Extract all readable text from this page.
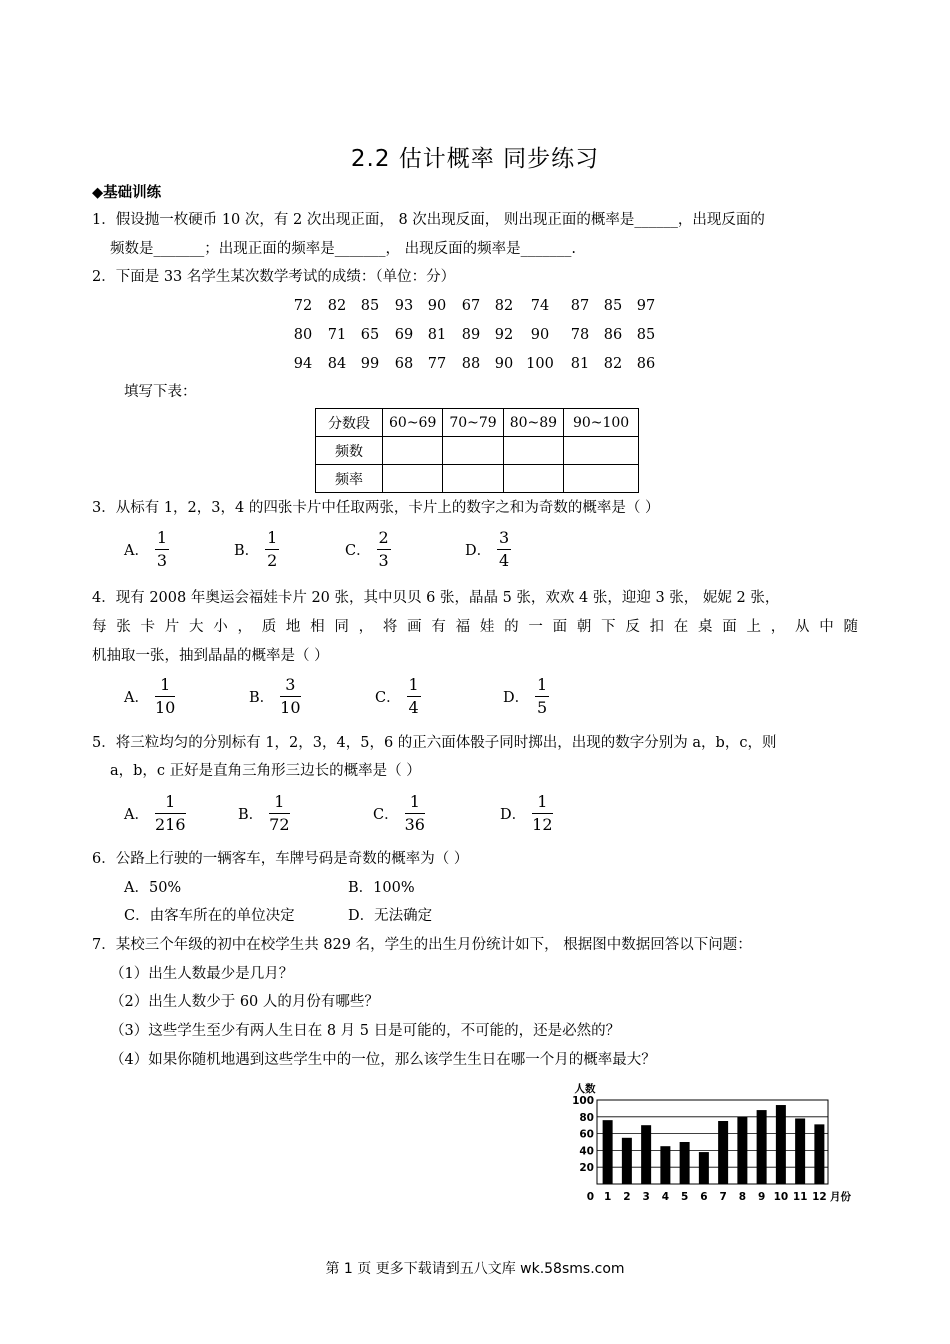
2.2 估计概率 同步练习
◆基础训练
1．假设抛一枚硬币 10 次，有 2 次出现正面， 8 次出现反面， 则出现正面的概率是______，出现反面的
频数是_______；出现正面的频率是_______， 出现反面的频率是_______.
2．下面是 33 名学生某次数学考试的成绩：（单位：分）
72	82	85	93	90	67	82	74	87	85	97
80	71	65	69	81	89	92	90	78	86	85
94	84	99	68	77	88	90 100	81	82	86
填写下表：
分数段	60~69	70~79	80~89	90~100
频数				
频率				
3．从标有 1，2，3，4 的四张卡片中任取两张，卡片上的数字之和为奇数的概率是（ ）
A． $\frac{1}{3}$	B． $\frac{1}{2}$	C． $\frac{2}{3}$	D． $\frac{3}{4}$
4．现有 2008 年奥运会福娃卡片 20 张，其中贝贝 6 张，晶晶 5 张，欢欢 4 张，迎迎 3 张， 妮妮 2 张，
每张卡片大小，质地相同，将画有福娃的一面朝下反扣在桌面上，从中随
机抽取一张，抽到晶晶的概率是（ ）
A． $\frac{1}{10}$	B． $\frac{3}{10}$	C． $\frac{1}{4}$	D． $\frac{1}{5}$
5．将三粒均匀的分别标有 1，2，3，4，5，6 的正六面体骰子同时掷出，出现的数字分别为 a，b，c，则
a，b，c 正好是直角三角形三边长的概率是（ ）
A． $\frac{1}{216}$	B． $\frac{1}{72}$	C． $\frac{1}{36}$	D． $\frac{1}{12}$
6．公路上行驶的一辆客车，车牌号码是奇数的概率为（ ）
A．50%	B．100%
C．由客车所在的单位决定	D．无法确定
7．某校三个年级的初中在校学生共 829 名，学生的出生月份统计如下， 根据图中数据回答以下问题：
（1）出生人数最少是几月？
（2）出生人数少于 60 人的月份有哪些？
（3）这些学生至少有两人生日在 8 月 5 日是可能的，不可能的，还是必然的？
（4）如果你随机地遇到这些学生中的一位，那么该学生生日在哪一个月的概率最大？
20
40
60
80
100
0
人数
1 2 3 4 5 6 7 8 9 10 11 12 月份
第 1 页 更多下载请到五八文库 wk.58sms.com
